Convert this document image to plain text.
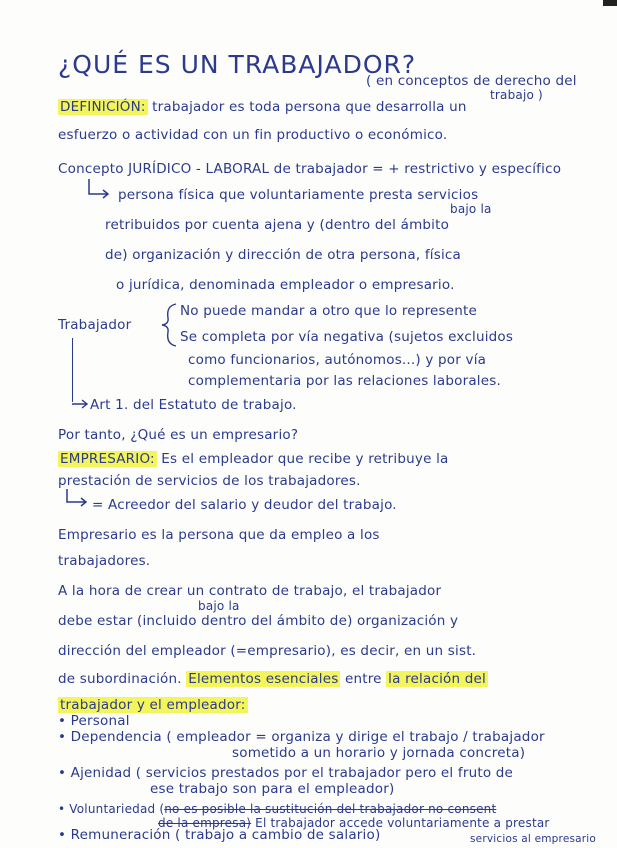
¿QUÉ ES UN TRABAJADOR?
( en conceptos de derecho del
trabajo )
DEFINICIÓN: trabajador es toda persona que desarrolla un
esfuerzo o actividad con un fin productivo o económico.
Concepto JURÍDICO - LABORAL de trabajador = + restrictivo y específico
persona física que voluntariamente presta servicios
bajo la
retribuidos por cuenta ajena y (dentro del ámbito
de) organización y dirección de otra persona, física
o jurídica, denominada empleador o empresario.
Trabajador
No puede mandar a otro que lo represente
Se completa por vía negativa (sujetos excluidos
como funcionarios, autónomos...) y por vía
complementaria por las relaciones laborales.
Art 1. del Estatuto de trabajo.
Por tanto, ¿Qué es un empresario?
EMPRESARIO: Es el empleador que recibe y retribuye la
prestación de servicios de los trabajadores.
= Acreedor del salario y deudor del trabajo.
Empresario es la persona que da empleo a los
trabajadores.
A la hora de crear un contrato de trabajo, el trabajador
bajo la
debe estar (incluido dentro del ámbito de) organización y
dirección del empleador (=empresario), es decir, en un sist.
de subordinación. Elementos esenciales entre la relación del
trabajador y el empleador:
• Personal
• Dependencia ( empleador = organiza y dirige el trabajo / trabajador
sometido a un horario y jornada concreta)
• Ajenidad ( servicios prestados por el trabajador pero el fruto de
ese trabajo son para el empleador)
• Voluntariedad (no es posible la sustitución del trabajador no consent
de la empresa) El trabajador accede voluntariamente a prestar
• Remuneración ( trabajo a cambio de salario)	servicios al empresario
